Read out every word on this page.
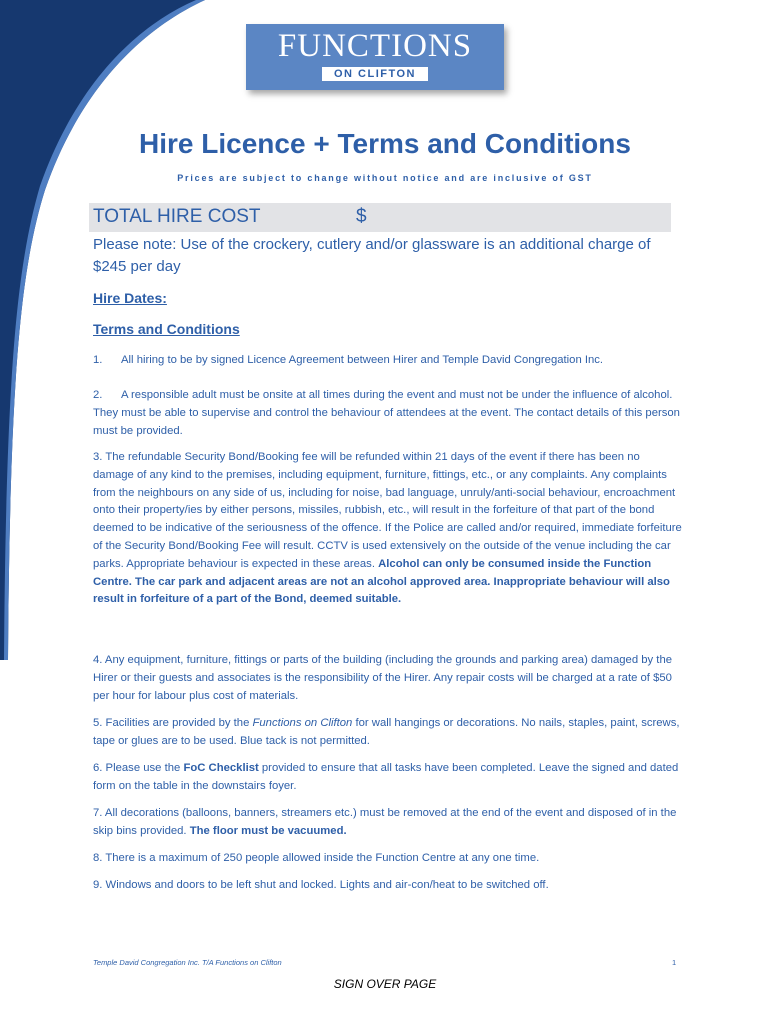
FUNCTIONS
ON CLIFTON
Hire Licence + Terms and Conditions
Prices are subject to change without notice and are inclusive of GST
TOTAL HIRE COST	$
Please note: Use of the crockery, cutlery and/or glassware is an additional charge of $245 per day
Hire Dates:
Terms and Conditions
1. All hiring to be by signed Licence Agreement between Hirer and Temple David Congregation Inc.
2. A responsible adult must be onsite at all times during the event and must not be under the influence of alcohol. They must be able to supervise and control the behaviour of attendees at the event. The contact details of this person must be provided.
3. The refundable Security Bond/Booking fee will be refunded within 21 days of the event if there has been no damage of any kind to the premises, including equipment, furniture, fittings, etc., or any complaints. Any complaints from the neighbours on any side of us, including for noise, bad language, unruly/anti-social behaviour, encroachment onto their property/ies by either persons, missiles, rubbish, etc., will result in the forfeiture of that part of the bond deemed to be indicative of the seriousness of the offence. If the Police are called and/or required, immediate forfeiture of the Security Bond/Booking Fee will result. CCTV is used extensively on the outside of the venue including the car parks. Appropriate behaviour is expected in these areas. Alcohol can only be consumed inside the Function Centre. The car park and adjacent areas are not an alcohol approved area. Inappropriate behaviour will also result in forfeiture of a part of the Bond, deemed suitable.
4. Any equipment, furniture, fittings or parts of the building (including the grounds and parking area) damaged by the Hirer or their guests and associates is the responsibility of the Hirer. Any repair costs will be charged at a rate of $50 per hour for labour plus cost of materials.
5. Facilities are provided by the Functions on Clifton for wall hangings or decorations. No nails, staples, paint, screws, tape or glues are to be used. Blue tack is not permitted.
6. Please use the FoC Checklist provided to ensure that all tasks have been completed. Leave the signed and dated form on the table in the downstairs foyer.
7. All decorations (balloons, banners, streamers etc.) must be removed at the end of the event and disposed of in the skip bins provided. The floor must be vacuumed.
8. There is a maximum of 250 people allowed inside the Function Centre at any one time.
9. Windows and doors to be left shut and locked. Lights and air-con/heat to be switched off.
Temple David Congregation Inc. T/A Functions on Clifton	1
SIGN OVER PAGE
